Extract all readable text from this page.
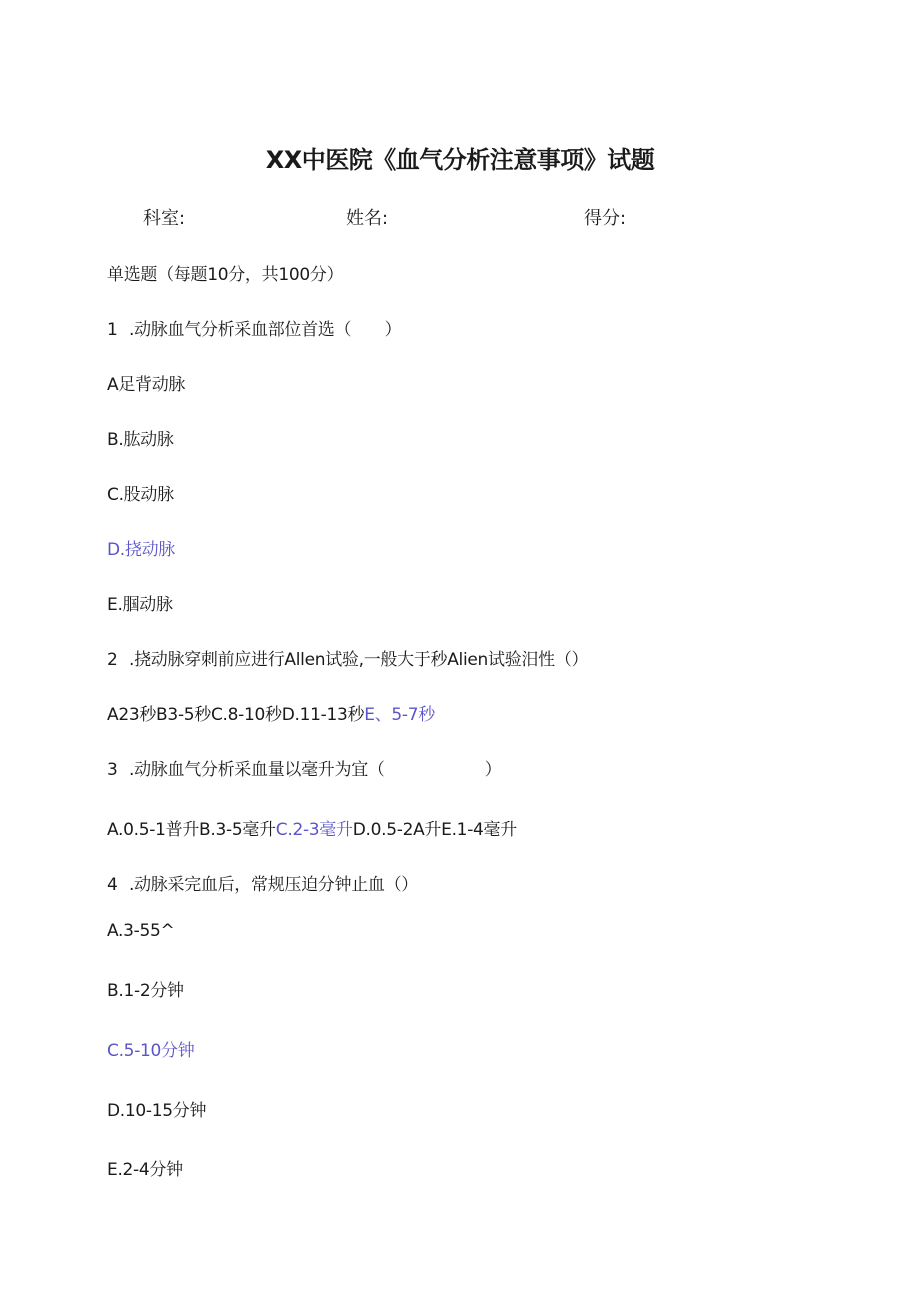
XX中医院《血气分析注意事项》试题
科室:	姓名:	得分:
单选题（每题10分，共100分）
1 .动脉血气分析采血部位首选（　　）
A足背动脉
B.肱动脉
C.股动脉
D.挠动脉
E.腘动脉
2 .挠动脉穿刺前应进行Allen试验,一般大于秒Alien试验汨性（）
A23秒B3-5秒C.8-10秒D.11-13秒E、5-7秒
3 .动脉血气分析采血量以毫升为宜（　　　　　　）
A.0.5-1普升B.3-5毫升C.2-3毫升D.0.5-2A升E.1-4毫升
4 .动脉采完血后，常规压迫分钟止血（）
A.3-55^
B.1-2分钟
C.5-10分钟
D.10-15分钟
E.2-4分钟
